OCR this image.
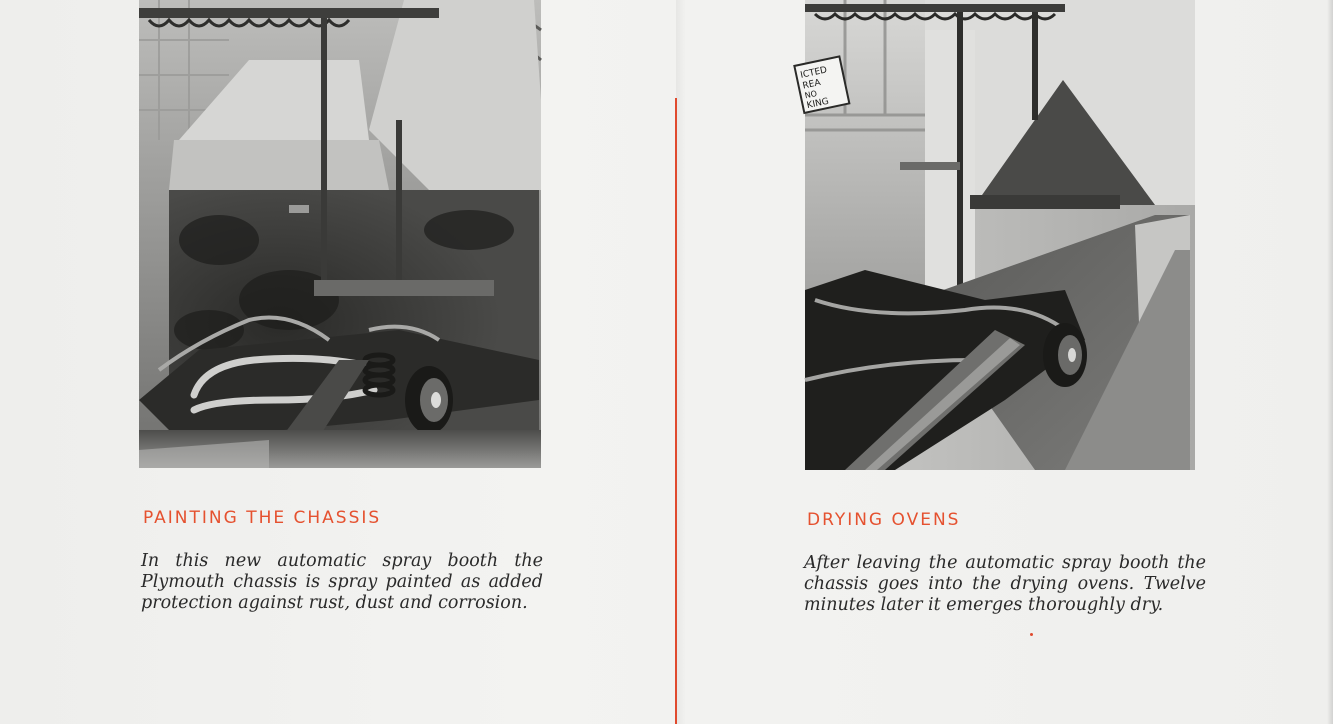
PAINTING THE CHASSIS

In this new automatic spray booth the Plymouth chassis is spray painted as added protection against rust, dust and corrosion.

ICTED
REA
NO
KING
DRYING OVENS

After leaving the automatic spray booth the chassis goes into the drying ovens. Twelve minutes later it emerges thoroughly dry.
